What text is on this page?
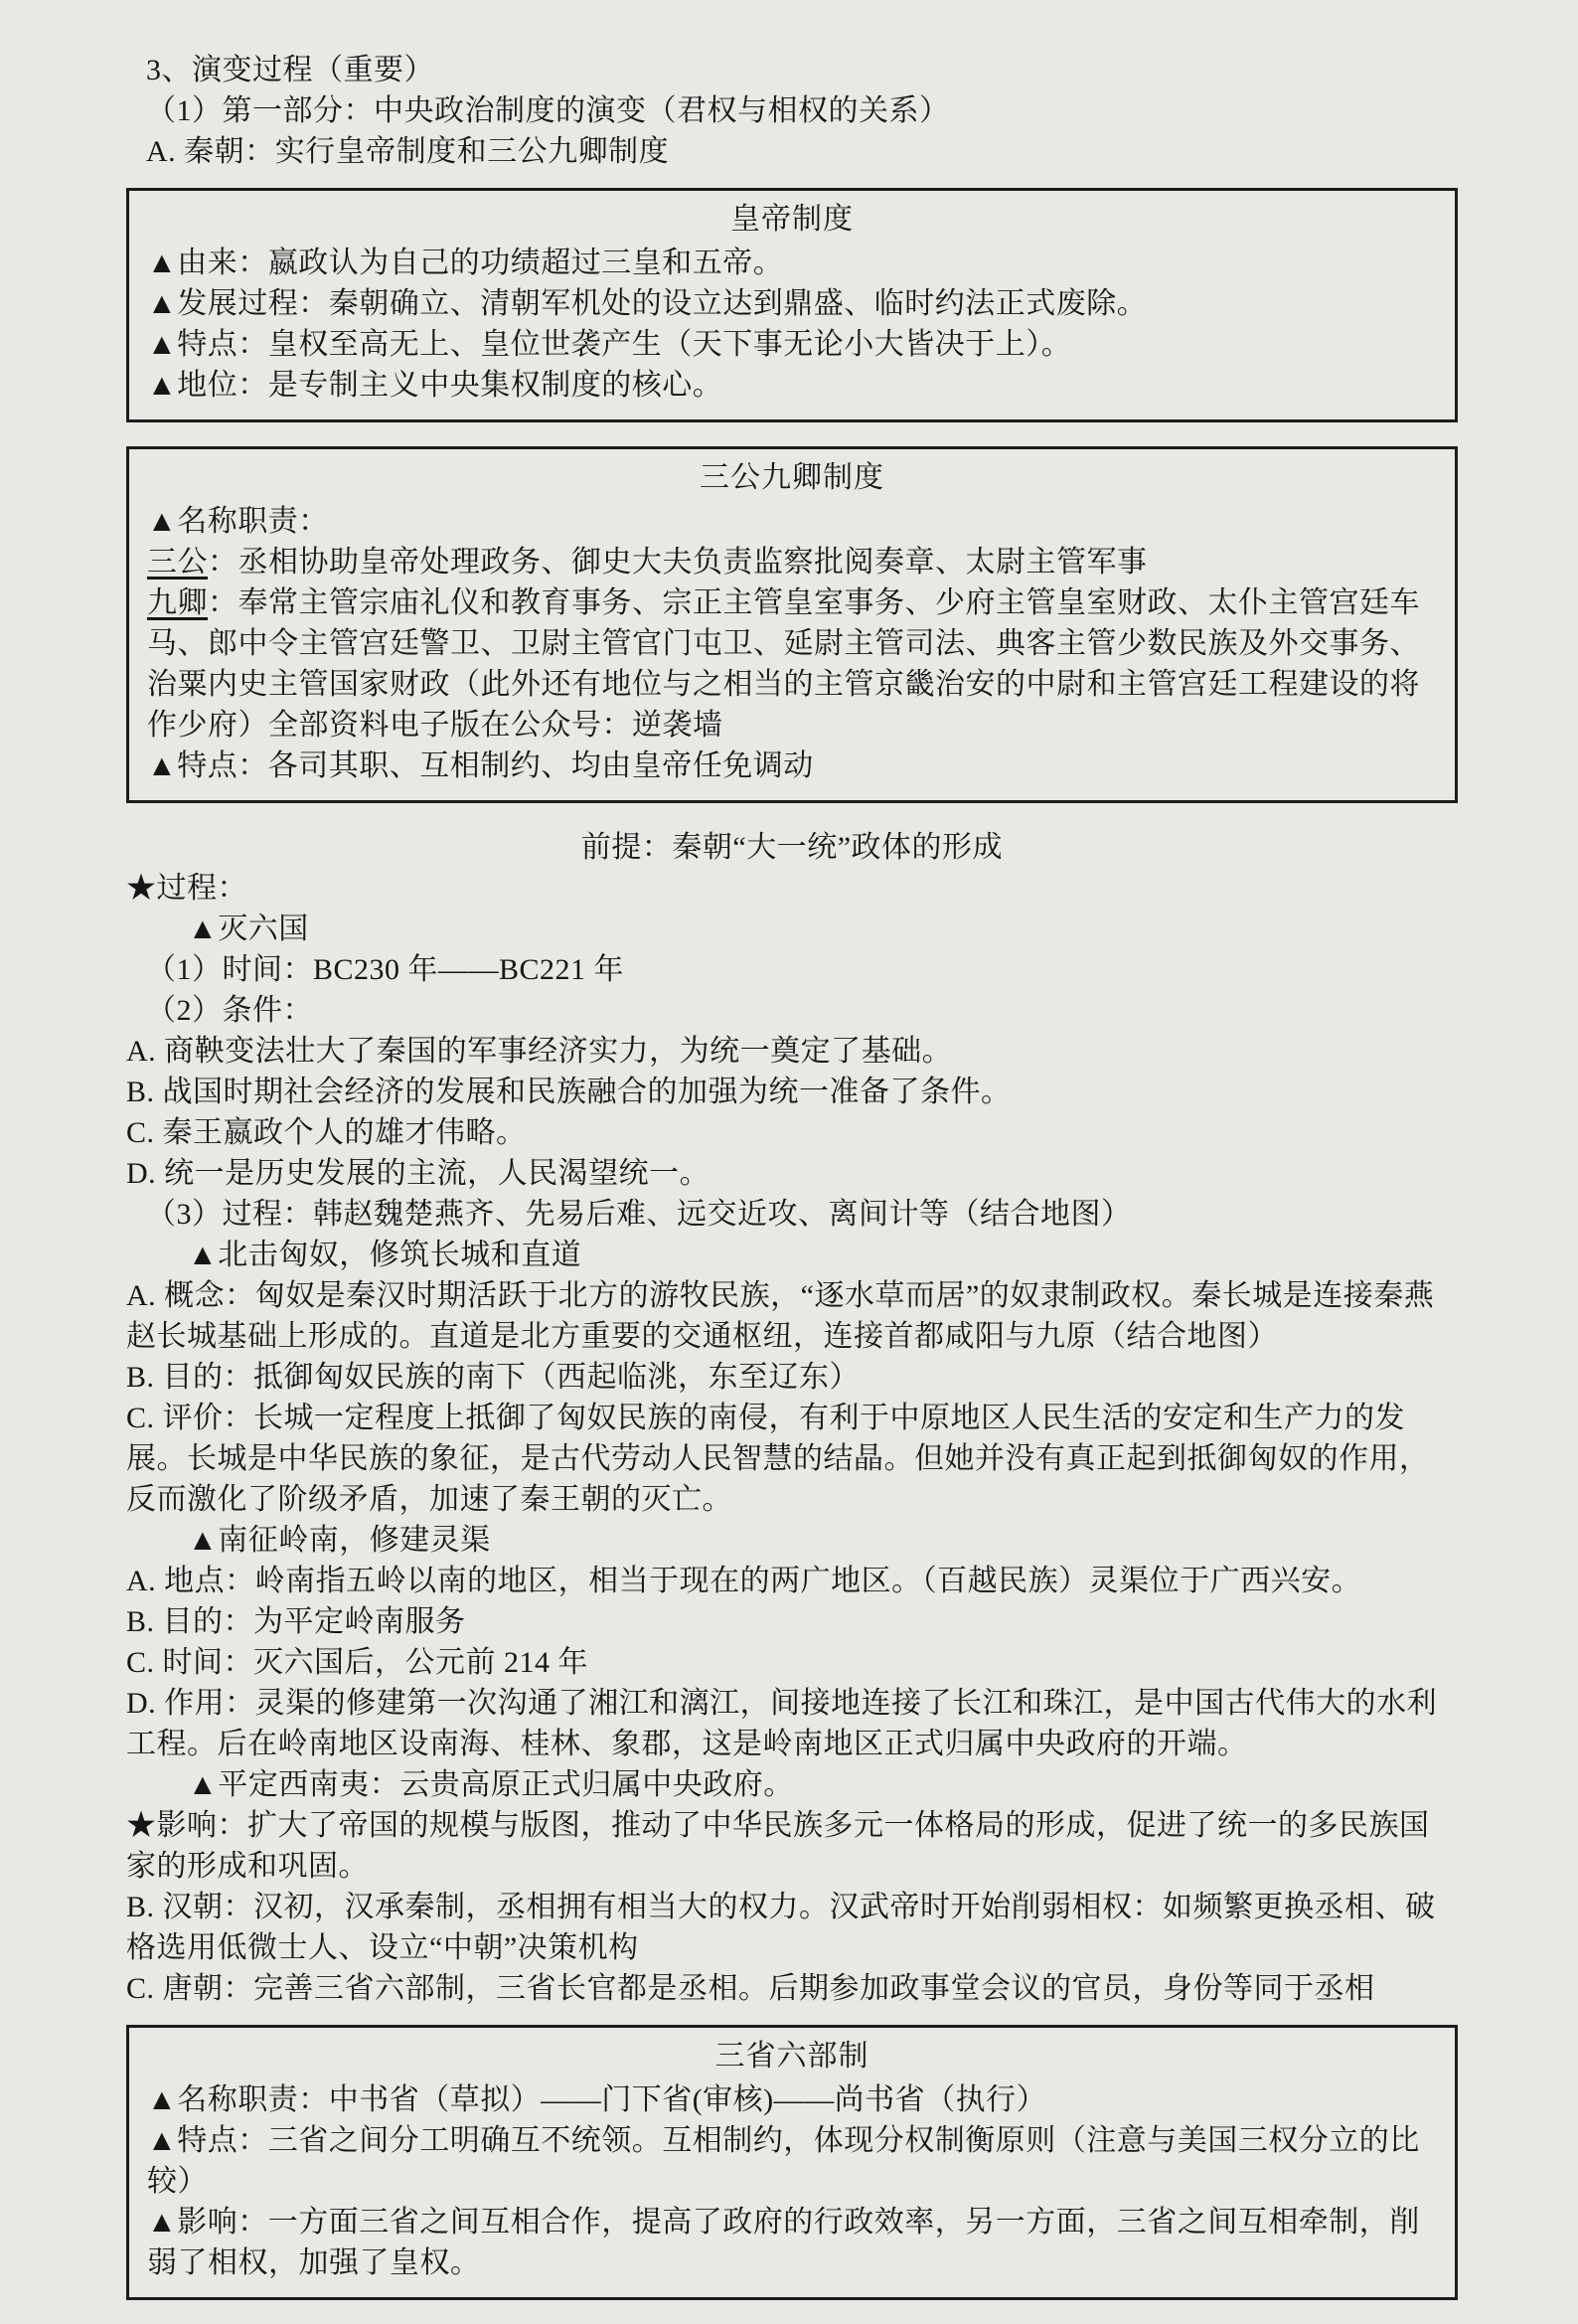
3、演变过程（重要）
（1）第一部分：中央政治制度的演变（君权与相权的关系）
A. 秦朝：实行皇帝制度和三公九卿制度
皇帝制度
▲由来：嬴政认为自己的功绩超过三皇和五帝。
▲发展过程：秦朝确立、清朝军机处的设立达到鼎盛、临时约法正式废除。
▲特点：皇权至高无上、皇位世袭产生（天下事无论小大皆决于上）。
▲地位：是专制主义中央集权制度的核心。
三公九卿制度
▲名称职责：
三公：丞相协助皇帝处理政务、御史大夫负责监察批阅奏章、太尉主管军事
九卿：奉常主管宗庙礼仪和教育事务、宗正主管皇室事务、少府主管皇室财政、太仆主管宫廷车马、郎中令主管宫廷警卫、卫尉主管官门屯卫、延尉主管司法、典客主管少数民族及外交事务、治粟内史主管国家财政（此外还有地位与之相当的主管京畿治安的中尉和主管宫廷工程建设的将作少府）全部资料电子版在公众号：逆袭墙
▲特点：各司其职、互相制约、均由皇帝任免调动
前提：秦朝“大一统”政体的形成
★过程：
▲灭六国
（1）时间：BC230 年——BC221 年
（2）条件：
A. 商鞅变法壮大了秦国的军事经济实力，为统一奠定了基础。
B. 战国时期社会经济的发展和民族融合的加强为统一准备了条件。
C. 秦王嬴政个人的雄才伟略。
D. 统一是历史发展的主流，人民渴望统一。
（3）过程：韩赵魏楚燕齐、先易后难、远交近攻、离间计等（结合地图）
▲北击匈奴，修筑长城和直道
A. 概念：匈奴是秦汉时期活跃于北方的游牧民族，“逐水草而居”的奴隶制政权。秦长城是连接秦燕赵长城基础上形成的。直道是北方重要的交通枢纽，连接首都咸阳与九原（结合地图）
B. 目的：抵御匈奴民族的南下（西起临洮，东至辽东）
C. 评价：长城一定程度上抵御了匈奴民族的南侵，有利于中原地区人民生活的安定和生产力的发展。长城是中华民族的象征，是古代劳动人民智慧的结晶。但她并没有真正起到抵御匈奴的作用，反而激化了阶级矛盾，加速了秦王朝的灭亡。
▲南征岭南，修建灵渠
A. 地点：岭南指五岭以南的地区，相当于现在的两广地区。（百越民族）灵渠位于广西兴安。
B. 目的：为平定岭南服务
C. 时间：灭六国后，公元前 214 年
D. 作用：灵渠的修建第一次沟通了湘江和漓江，间接地连接了长江和珠江，是中国古代伟大的水利工程。后在岭南地区设南海、桂林、象郡，这是岭南地区正式归属中央政府的开端。
▲平定西南夷：云贵高原正式归属中央政府。
★影响：扩大了帝国的规模与版图，推动了中华民族多元一体格局的形成，促进了统一的多民族国家的形成和巩固。
B. 汉朝：汉初，汉承秦制，丞相拥有相当大的权力。汉武帝时开始削弱相权：如频繁更换丞相、破格选用低微士人、设立“中朝”决策机构
C. 唐朝：完善三省六部制，三省长官都是丞相。后期参加政事堂会议的官员，身份等同于丞相
三省六部制
▲名称职责：中书省（草拟）——门下省(审核)——尚书省（执行）
▲特点：三省之间分工明确互不统领。互相制约，体现分权制衡原则（注意与美国三权分立的比较）
▲影响：一方面三省之间互相合作，提高了政府的行政效率，另一方面，三省之间互相牵制，削弱了相权，加强了皇权。
